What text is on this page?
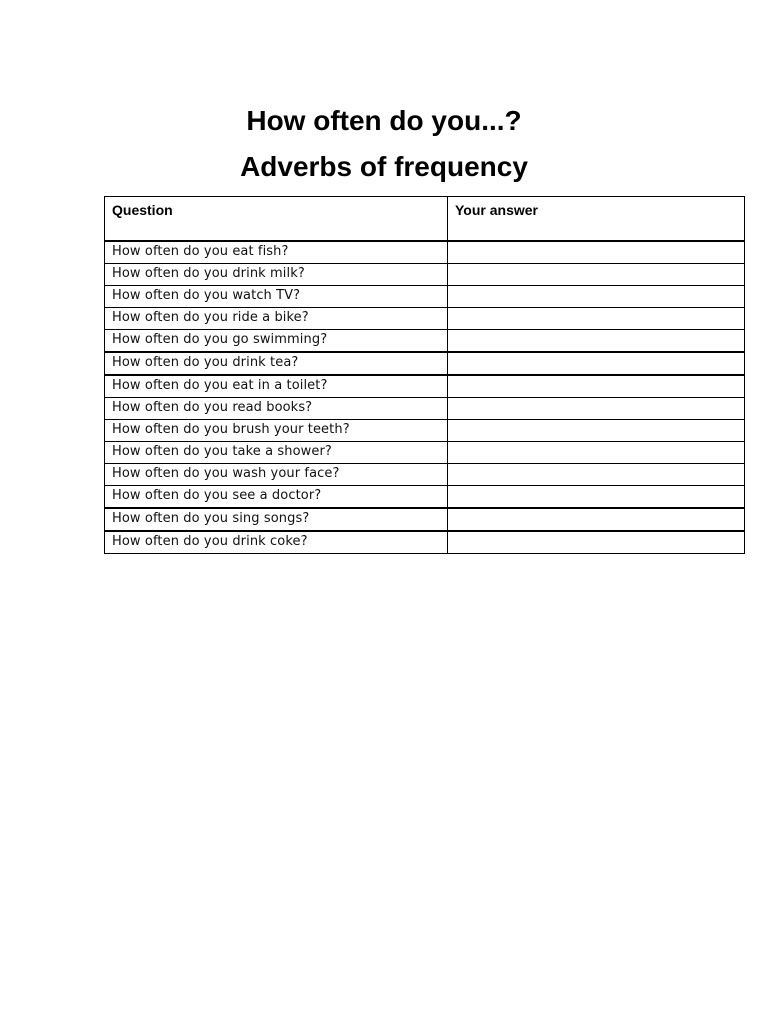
How often do you...?
Adverbs of frequency
Question	Your answer
How often do you eat fish?	
How often do you drink milk?	
How often do you watch TV?	
How often do you ride a bike?	
How often do you go swimming?	
How often do you drink tea?	
How often do you eat in a toilet?	
How often do you read books?	
How often do you brush your teeth?	
How often do you take a shower?	
How often do you wash your face?	
How often do you see a doctor?	
How often do you sing songs?	
How often do you drink coke?	
